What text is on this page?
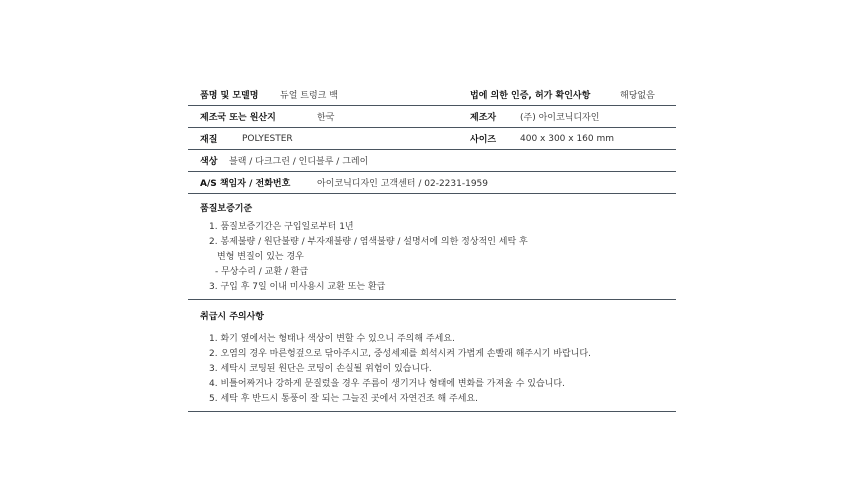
품명 및 모델명	듀얼 트렁크 백	법에 의한 인증, 허가 확인사항	해당없음
제조국 또는 원산지	한국	제조자	(주) 아이코닉디자인
재질	POLYESTER	사이즈	400 x 300 x 160 mm
색상	블랙 / 다크그린 / 인디블루 / 그레이
A/S 책임자 / 전화번호	아이코닉디자인 고객센터 / 02-2231-1959
품질보증기준
1. 품질보증기간은 구입일로부터 1년
2. 봉제불량 / 원단불량 / 부자재불량 / 염색불량 / 설명서에 의한 정상적인 세탁 후
변형 변질이 있는 경우
- 무상수리 / 교환 / 환급
3. 구입 후 7일 이내 미사용시 교환 또는 환급
취급시 주의사항
1. 화기 옆에서는 형태나 색상이 변할 수 있으니 주의해 주세요.
2. 오염의 경우 마른헝겊으로 닦아주시고, 중성세제를 희석시켜 가볍게 손빨래 해주시기 바랍니다.
3. 세탁시 코팅된 원단은 코팅이 손실될 위험이 있습니다.
4. 비틀어짜거나 강하게 문질렀을 경우 주름이 생기거나 형태에 변화를 가져올 수 있습니다.
5. 세탁 후 반드시 통풍이 잘 되는 그늘진 곳에서 자연건조 해 주세요.
